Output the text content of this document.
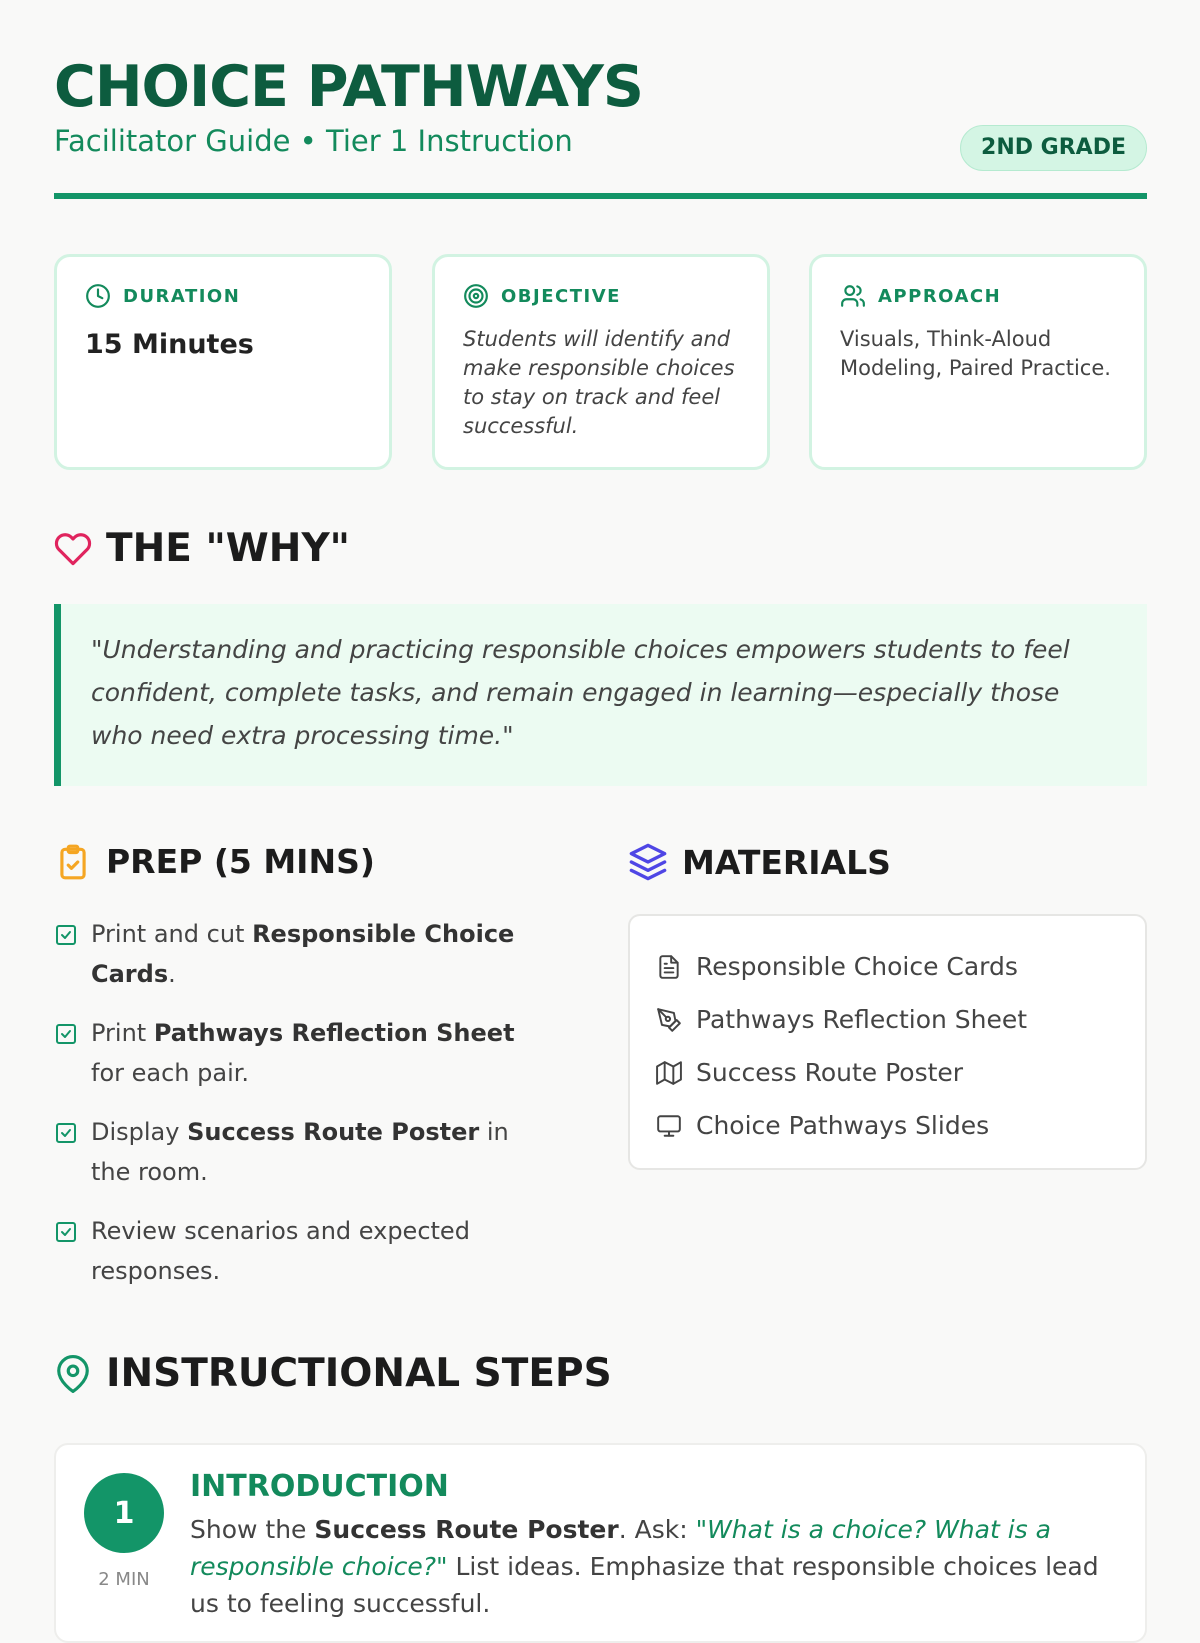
CHOICE PATHWAYS
Facilitator Guide • Tier 1 Instruction	2ND GRADE
DURATION
15 Minutes
OBJECTIVE
Students will identify and make responsible choices to stay on track and feel successful.
APPROACH
Visuals, Think-Aloud Modeling, Paired Practice.
THE "WHY"
"Understanding and practicing responsible choices empowers students to feel confident, complete tasks, and remain engaged in learning—especially those who need extra processing time."
PREP (5 MINS)
Print and cut Responsible Choice Cards.
Print Pathways Reflection Sheet for each pair.
Display Success Route Poster in the room.
Review scenarios and expected responses.
MATERIALS
Responsible Choice Cards
Pathways Reflection Sheet
Success Route Poster
Choice Pathways Slides
INSTRUCTIONAL STEPS
1
2 MIN
INTRODUCTION
Show the Success Route Poster. Ask: "What is a choice? What is a responsible choice?" List ideas. Emphasize that responsible choices lead us to feeling successful.
